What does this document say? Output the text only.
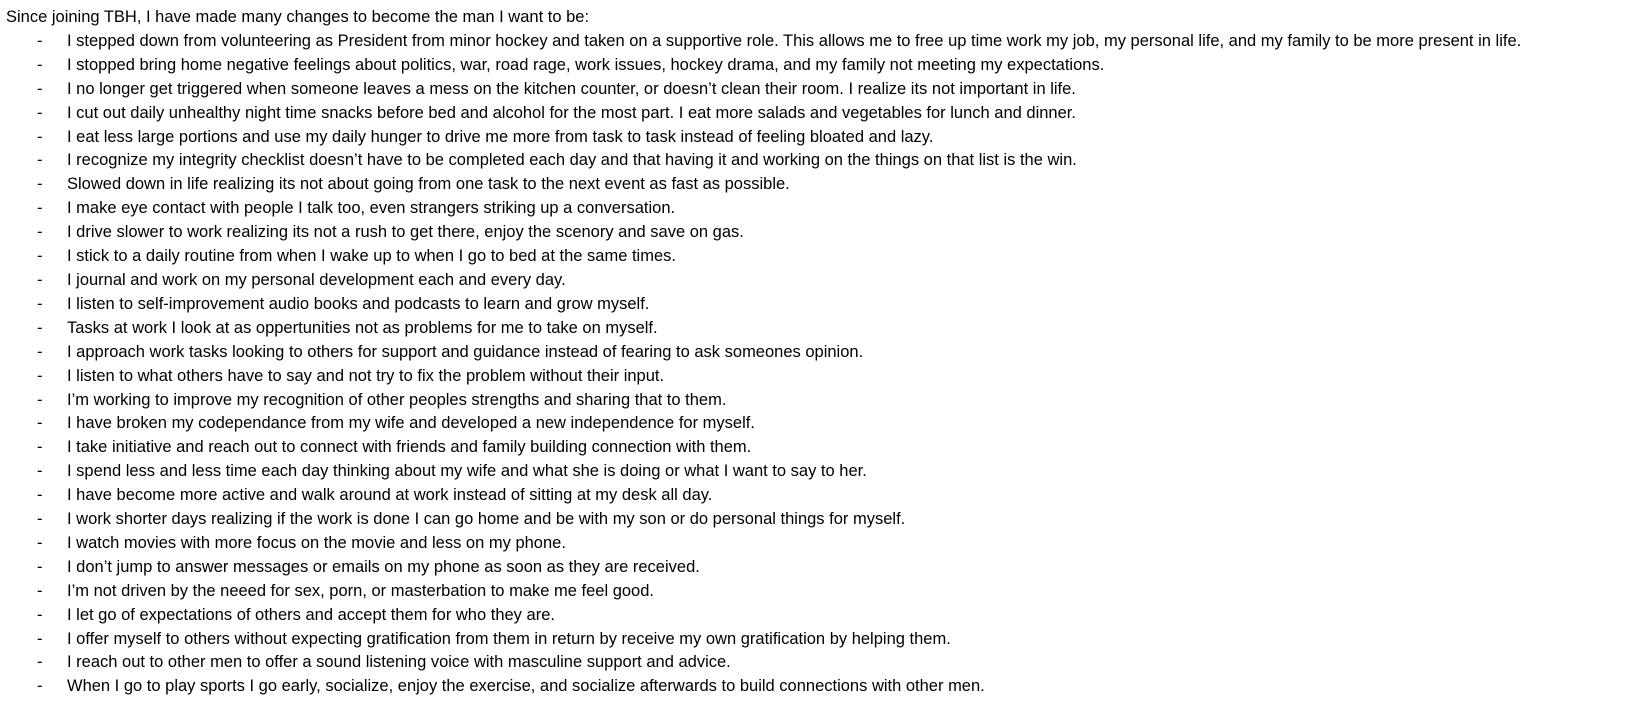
Since joining TBH, I have made many changes to become the man I want to be:

-	I stepped down from volunteering as President from minor hockey and taken on a supportive role. This allows me to free up time work my job, my personal life, and my family to be more present in life.
-	I stopped bring home negative feelings about politics, war, road rage, work issues, hockey drama, and my family not meeting my expectations.
-	I no longer get triggered when someone leaves a mess on the kitchen counter, or doesn’t clean their room. I realize its not important in life.
-	I cut out daily unhealthy night time snacks before bed and alcohol for the most part. I eat more salads and vegetables for lunch and dinner.
-	I eat less large portions and use my daily hunger to drive me more from task to task instead of feeling bloated and lazy.
-	I recognize my integrity checklist doesn’t have to be completed each day and that having it and working on the things on that list is the win.
-	Slowed down in life realizing its not about going from one task to the next event as fast as possible.
-	I make eye contact with people I talk too, even strangers striking up a conversation.
-	I drive slower to work realizing its not a rush to get there, enjoy the scenory and save on gas.
-	I stick to a daily routine from when I wake up to when I go to bed at the same times.
-	I journal and work on my personal development each and every day.
-	I listen to self-improvement audio books and podcasts to learn and grow myself.
-	Tasks at work I look at as oppertunities not as problems for me to take on myself.
-	I approach work tasks looking to others for support and guidance instead of fearing to ask someones opinion.
-	I listen to what others have to say and not try to fix the problem without their input.
-	I’m working to improve my recognition of other peoples strengths and sharing that to them.
-	I have broken my codependance from my wife and developed a new independence for myself.
-	I take initiative and reach out to connect with friends and family building connection with them.
-	I spend less and less time each day thinking about my wife and what she is doing or what I want to say to her.
-	I have become more active and walk around at work instead of sitting at my desk all day.
-	I work shorter days realizing if the work is done I can go home and be with my son or do personal things for myself.
-	I watch movies with more focus on the movie and less on my phone.
-	I don’t jump to answer messages or emails on my phone as soon as they are received.
-	I’m not driven by the neeed for sex, porn, or masterbation to make me feel good.
-	I let go of expectations of others and accept them for who they are.
-	I offer myself to others without expecting gratification from them in return by receive my own gratification by helping them.
-	I reach out to other men to offer a sound listening voice with masculine support and advice.
-	When I go to play sports I go early, socialize, enjoy the exercise, and socialize afterwards to build connections with other men.
